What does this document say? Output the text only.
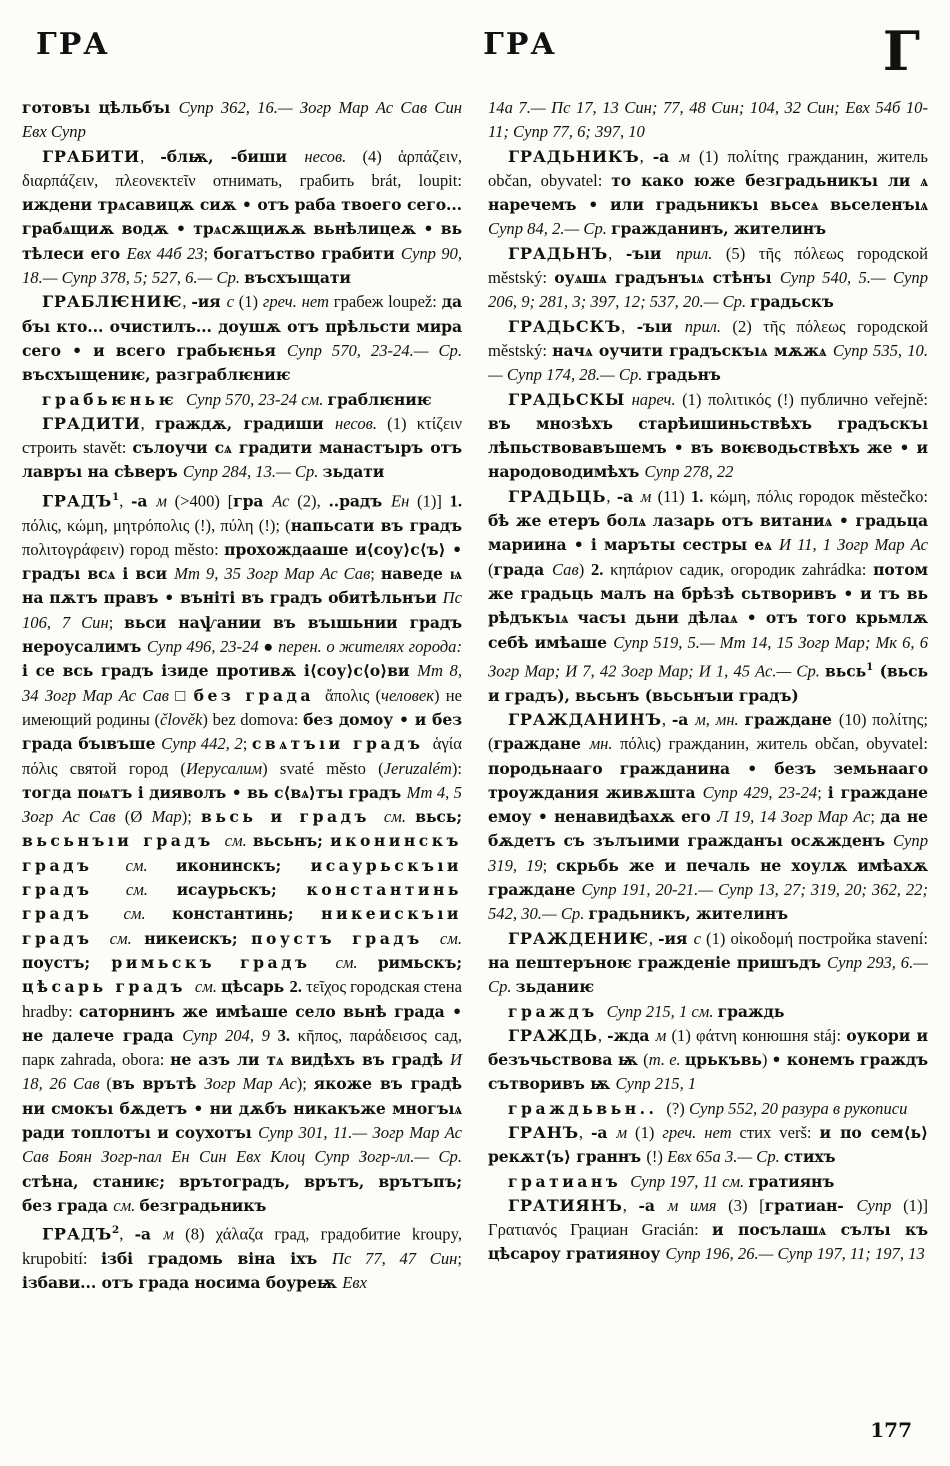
ГРА	ГРА	Г

готовъı цѣльбъı Супр 362, 16.— Зогр Мар Ас Сав Син Евх Супр

ГРАБИТИ, -блѭ, -биши несов. (4) ἁρπάζειν, διαρπάζειν, πλεονεκτεῖν отнимать, грабить brát, loupit: иждени трѧсавицѫ сиѫ • отъ раба твоего сего... грабѧщиѫ водѫ • трѧсѫщиѫѫ вьнѣлицеѫ • вь тѣлеси его Евх 44б 23; богатъство грабити Супр 90, 18.— Супр 378, 5; 527, 6.— Ср. въсхъıщати

ГРАБЛѤНИѤ, -ия с (1) греч. нет грабеж loupež: да бъı кто... очистилъ... доушѫ отъ прѣльсти мира сего • и всего грабьѥнья Супр 570, 23-24.— Ср. въсхъıщениѥ, разграблѥниѥ

грабьѥньѥ Супр 570, 23-24 см. граблѥниѥ

ГРАДИТИ, граждѫ, градиши несов. (1) κτίζειν строить stavět: сълоучи сѧ градити манастъıръ отъ лавръı на сѣверъ Супр 284, 13.— Ср. зьдати

ГРАДЪ$^1$, -а м (>400) [гра Ас (2), ..радъ Ен (1)] 1. πόλις, κώμη, μητρόπολις (!), πύλη (!); (напьсати въ градъ πολιτογράφειν) город město: прохождааше и⟨соу⟩с⟨ъ⟩ • градъı всѧ і вси Мт 9, 35 Зогр Мар Ас Сав; наведе ѩ на пѫтъ правъ • въніті въ градъ обитѣльнъи Пс 106, 7 Син; вьси наѱании въ въıшьнии градъ нероусалимъ Супр 496, 23-24 ● перен. о жителях города: і се всь градъ ізиде противѫ і⟨соу⟩с⟨о⟩ви Мт 8, 34 Зогр Мар Ас Сав □ без града ἄπολις (человек) не имеющий родины (člověk) bez domova: без домоу • и без града бъıвъше Супр 442, 2; свѧтъıи градъ ἁγία πόλις святой город (Иерусалим) svaté město (Jeruzalém): тогда поѩтъ і дияволъ • вь с⟨вѧ⟩тъı градъ Мт 4, 5 Зогр Ас Сав (Ø Мар); вьсь и градъ см. вьсь; вьсьнъıи градъ см. вьсьнъ; иконинскъ градъ см. иконинскъ; исаурьскъıи градъ см. исаурьскъ; константинь градъ см. константинь; никеискъıи градъ см. никеискъ; поустъ градъ см. поустъ; римьскъ градъ см. римьскъ; цѣсарь градъ см. цѣсарь 2. τεῖχος городская стена hradby: саторнинъ же имѣаше село вьнѣ града • не далече града Супр 204, 9 3. κῆπος, παράδεισος сад, парк zahrada, obora: не азъ ли тѧ видѣхъ въ градѣ И 18, 26 Сав (въ врътѣ Зогр Мар Ас); якоже въ градѣ ни смокъı бѫдетъ • ни дѫбъ никакъже многъıѧ ради топлотъı и соухотъı Супр 301, 11.— Зогр Мар Ас Сав Боян Зогр-пал Ен Син Евх Клоц Супр Зогр-лл.— Ср. стѣна, станиѥ; врътоградъ, врътъ, врътъпъ; без града см. безградьникъ

ГРАДЪ$^2$, -а м (8) χάλαζα град, градобитие kroupy, krupobití: ізбі градомь віна іхъ Пс 77, 47 Син; ізбави... отъ града носима боуреѭ Евх

14а 7.— Пс 17, 13 Син; 77, 48 Син; 104, 32 Син; Евх 54б 10-11; Супр 77, 6; 397, 10

ГРАДЬНИКЪ, -а м (1) πολίτης гражданин, житель občan, obyvatel: то како юже безградьникъı ли ѧ наречемъ • или градьникъı вьсеѧ вьселенъıѧ Супр 84, 2.— Ср. гражданинъ, жителинъ

ГРАДЬНЪ, -ъıи прил. (5) τῆς πόλεως городской městský: оуѧшѧ градънъıѧ стѣнъı Супр 540, 5.— Супр 206, 9; 281, 3; 397, 12; 537, 20.— Ср. градьскъ

ГРАДЬСКЪ, -ъıи прил. (2) τῆς πόλεως городской městský: начѧ оучити градъскъıѧ мѫжѧ Супр 535, 10.— Супр 174, 28.— Ср. градьнъ

ГРАДЬСКЫ нареч. (1) πολιτικός (!) публично veřejně: въ мнозѣхъ старѣишиньствѣхъ градъскъı лѣпьствовавъшемъ • въ воѥводьствѣхъ же • и народоводимѣхъ Супр 278, 22

ГРАДЬЦЬ, -а м (11) 1. κώμη, πόλις городок městečko: бѣ же етеръ болѧ лазарь отъ витаниѧ • градьца мариина • і маръты сестры еѧ И 11, 1 Зогр Мар Ас (града Сав) 2. κηπάριον садик, огородик zahrádka: потом же градьць малъ на брѣзѣ сьтворивъ • и тъ вь рѣдъкъıѧ часъı дьни дѣлаѧ • отъ того крьмлѫ себѣ имѣаше Супр 519, 5.— Мт 14, 15 Зогр Мар; Мк 6, 6 Зогр Мар; И 7, 42 Зогр Мар; И 1, 45 Ас.— Ср. вьсь$^1$ (вьсь и градъ), вьсьнъ (вьсьнъıи градъ)

ГРАЖДАНИНЪ, -а м, мн. граждане (10) πολίτης; (граждане мн. πόλις) гражданин, житель občan, obyvatel: породьнааго гражданина • безъ земьнааго троуждания живѫшта Супр 429, 23-24; і граждане емоу • ненавидѣахѫ его Л 19, 14 Зогр Мар Ас; да не бѫдетъ съ зълъıими гражданъı осѫжденъ Супр 319, 19; скрьбь же и печаль не хоулѫ имѣахѫ граждане Супр 191, 20-21.— Супр 13, 27; 319, 20; 362, 22; 542, 30.— Ср. градьникъ, жителинъ

ГРАЖДЕНИѤ, -ия с (1) οἰκοδομή постройка stavení: на пештеръноѥ гражденіе пришъдъ Супр 293, 6.— Ср. зьданиѥ

граждъ Супр 215, 1 см. граждь

ГРАЖДЬ, -жда м (1) φάτνη конюшня stáj: оукори и безъчьствова ѭ (т. е. црькъвь) • конемъ граждъ сътворивъ ѭ Супр 215, 1

граждьвьн.. (?) Супр 552, 20 разура в рукописи

ГРАНЪ, -а м (1) греч. нет стих verš: и по сем⟨ь⟩ рекѫт⟨ъ⟩ граннъ (!) Евх 65а 3.— Ср. стихъ

гратианъ Супр 197, 11 см. гратиянъ

ГРАТИЯНЪ, -а м имя (3) [гратиан- Супр (1)] Γρατιανός Грациан Gracián: и посълашѧ сълъı къ цѣсароу гратияноу Супр 196, 26.— Супр 197, 11; 197, 13

177
